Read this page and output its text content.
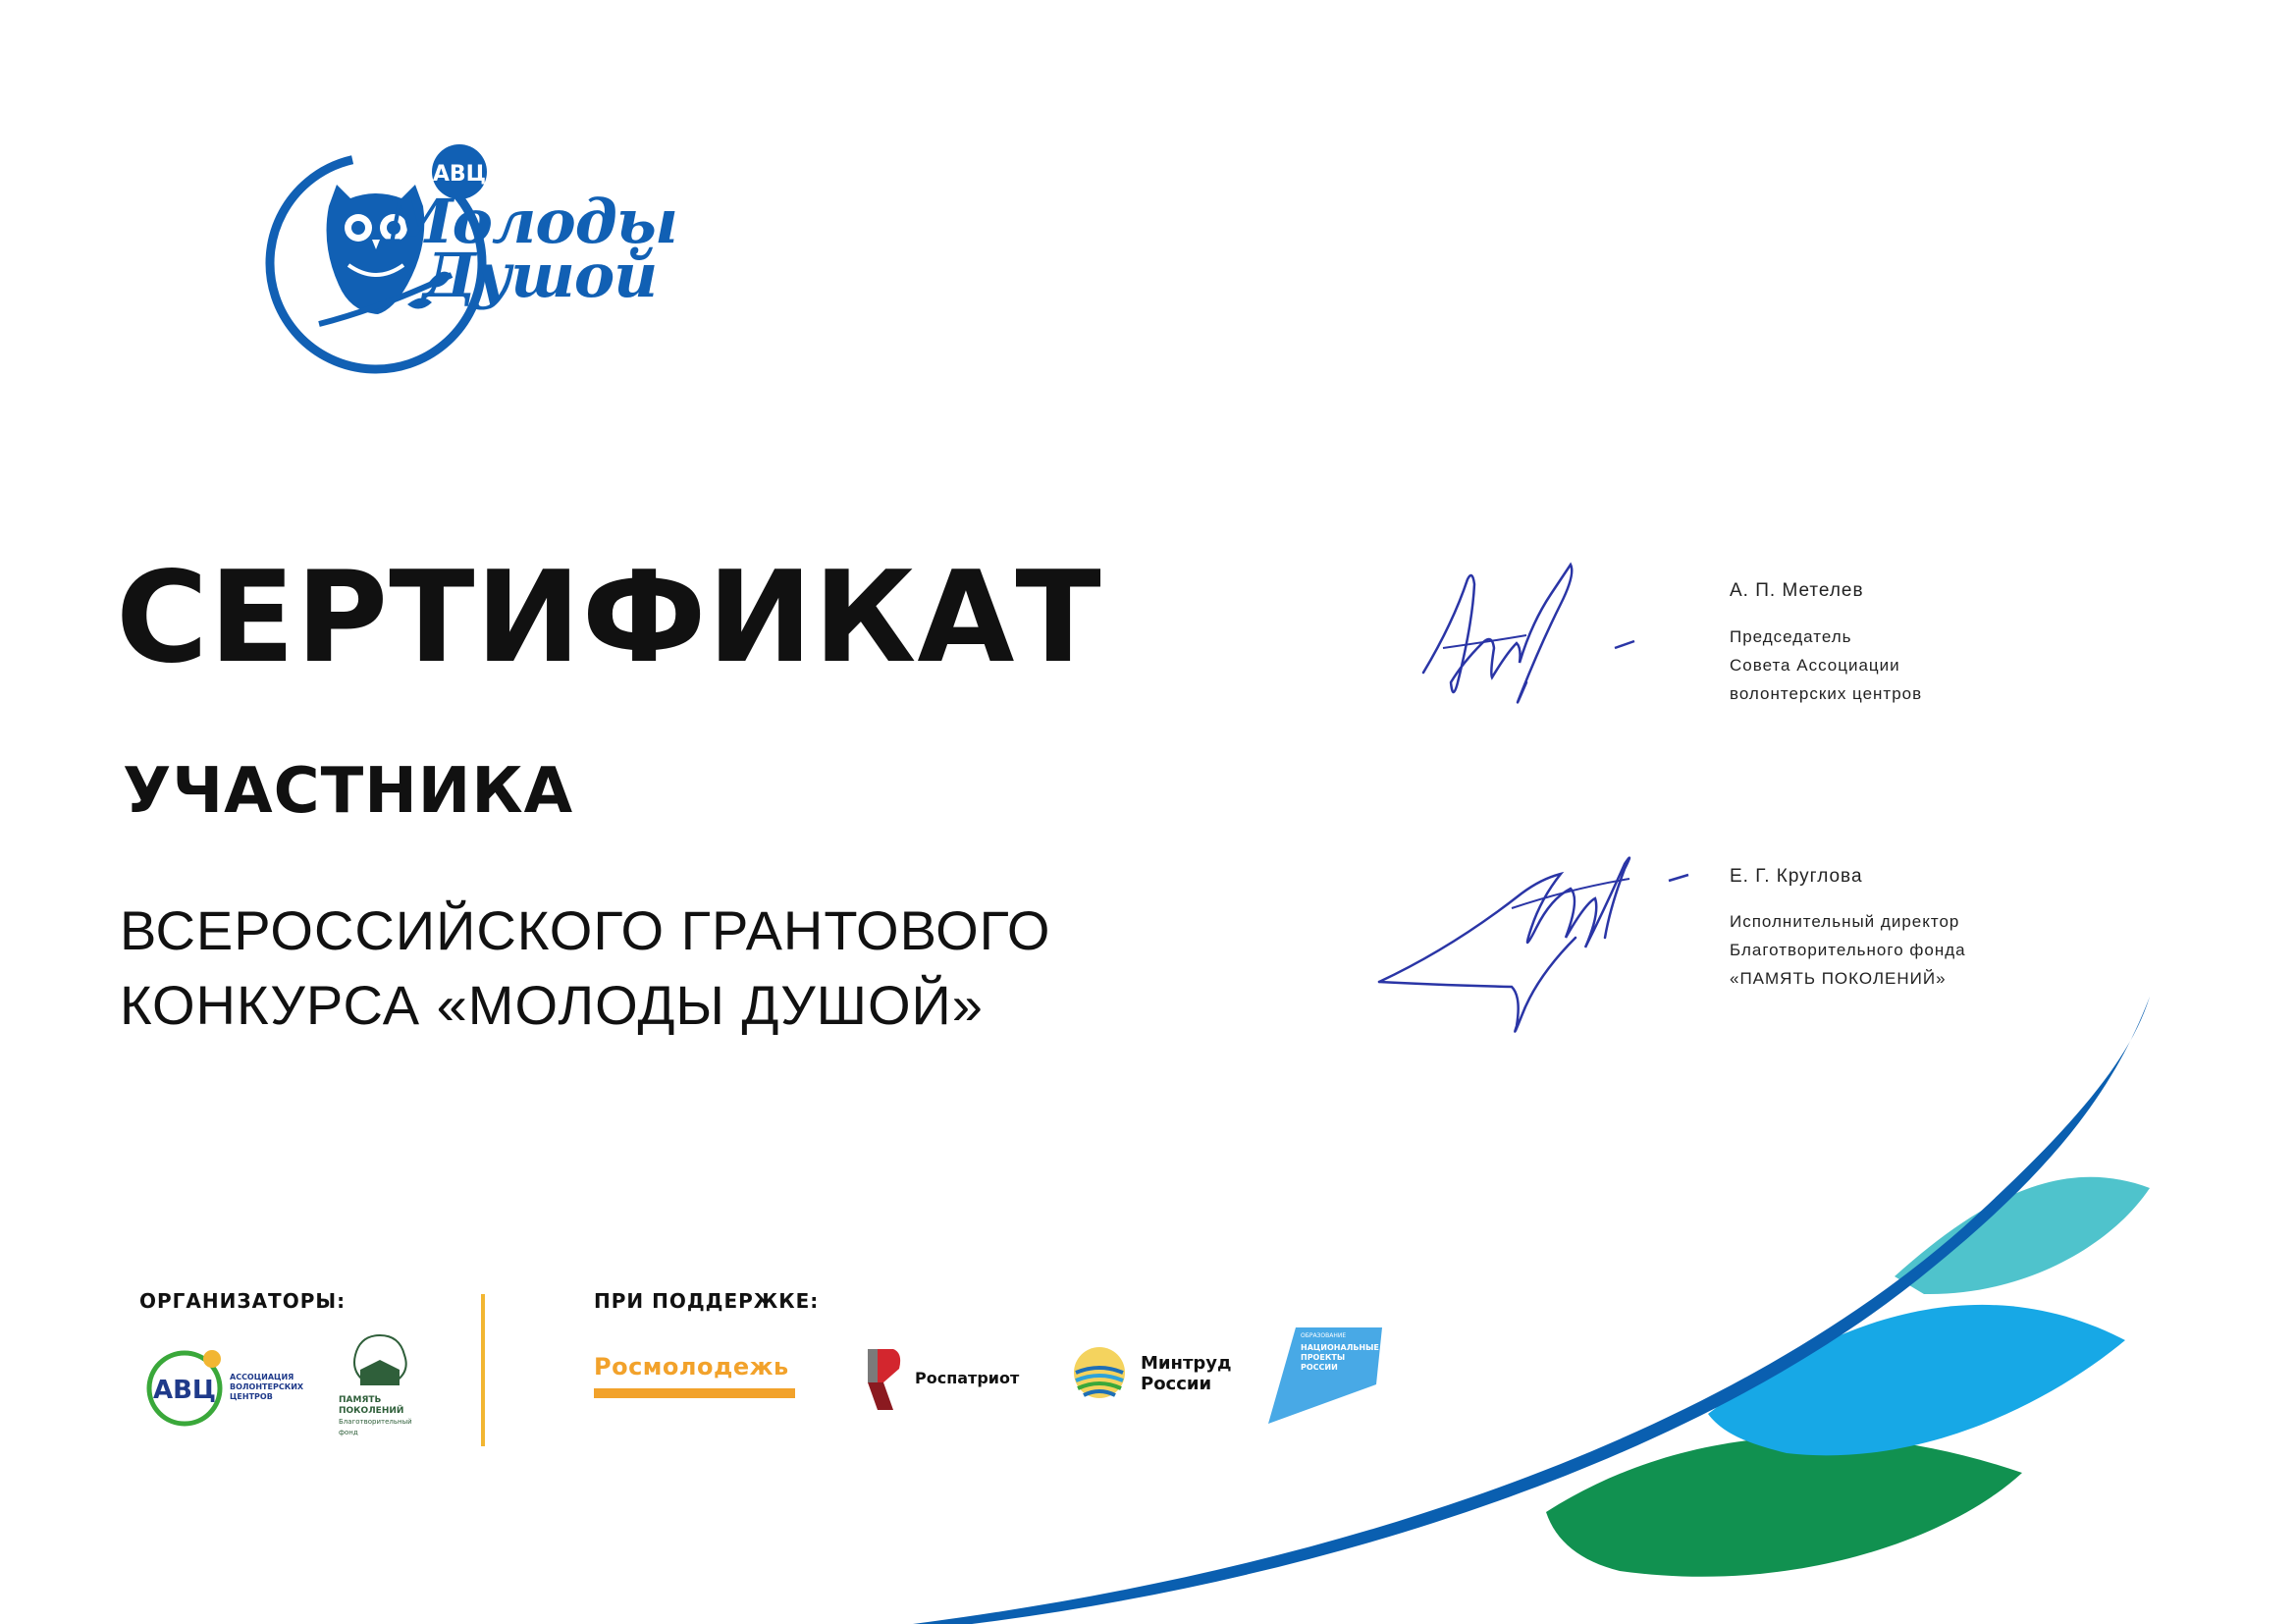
АВЦ
Молоды
Душой
СЕРТИФИКАТ
УЧАСТНИКА
ВСЕРОССИЙСКОГО ГРАНТОВОГО
КОНКУРСА «МОЛОДЫ ДУШОЙ»
А. П. Метелев
Председатель
Совета Ассоциации
волонтерских центров
Е. Г. Круглова
Исполнительный директор
Благотворительного фонда
«ПАМЯТЬ ПОКОЛЕНИЙ»
ОРГАНИЗАТОРЫ:	ПРИ ПОДДЕРЖКЕ:
АВЦ АССОЦИАЦИЯ
ВОЛОНТЕРСКИХ
ЦЕНТРОВ	ПАМЯТЬ
ПОКОЛЕНИЙ
Благотворительный
фонд
Росмолодежь	Роспатриот
Минтруд
России
ОБРАЗОВАНИЕ
НАЦИОНАЛЬНЫЕ
ПРОЕКТЫ
РОССИИ
